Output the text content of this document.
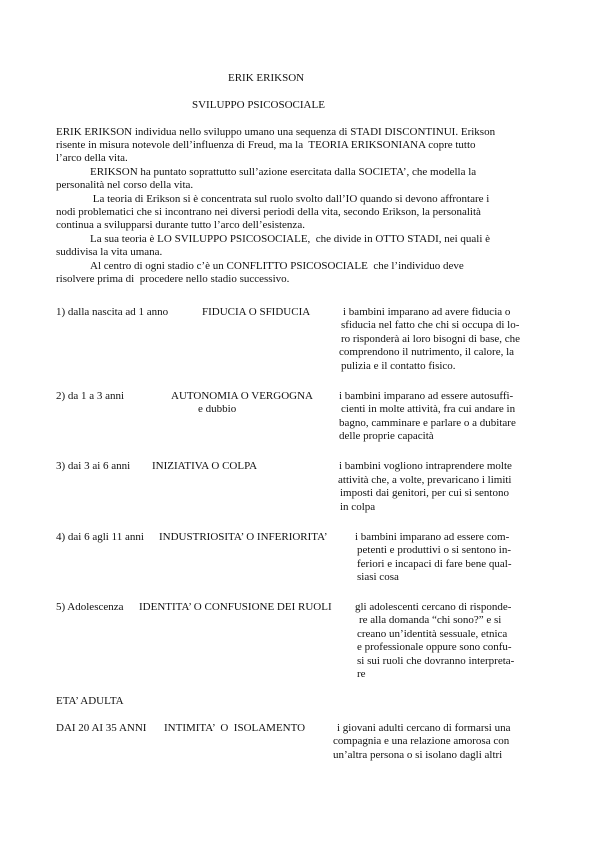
ERIK ERIKSON
SVILUPPO PSICOSOCIALE
ERIK ERIKSON individua nello sviluppo umano una sequenza di STADI DISCONTINUI. Erikson
risente in misura notevole dell’influenza di Freud, ma la  TEORIA ERIKSONIANA copre tutto
l’arco della vita.
ERIKSON ha puntato soprattutto sull’azione esercitata dalla SOCIETA’, che modella la
personalità nel corso della vita.
La teoria di Erikson si è concentrata sul ruolo svolto dall’IO quando si devono affrontare i
nodi problematici che si incontrano nei diversi periodi della vita, secondo Erikson, la personalità
continua a svilupparsi durante tutto l’arco dell’esistenza.
La sua teoria è LO SVILUPPO PSICOSOCIALE,  che divide in OTTO STADI, nei quali è
suddivisa la vita umana.
Al centro di ogni stadio c’è un CONFLITTO PSICOSOCIALE  che l’individuo deve
risolvere prima di  procedere nello stadio successivo.
1) dalla nascita ad 1 anno	FIDUCIA O SFIDUCIA	i bambini imparano ad avere fiducia o
sfiducia nel fatto che chi si occupa di lo-
ro risponderà ai loro bisogni di base, che
comprendono il nutrimento, il calore, la
pulizia e il contatto fisico.
2) da 1 a 3 anni	AUTONOMIA O VERGOGNA
e dubbio
i bambini imparano ad essere autosuffi-
cienti in molte attività, fra cui andare in
bagno, camminare e parlare o a dubitare
delle proprie capacità
3) dai 3 ai 6 anni INIZIATIVA O COLPA	i bambini vogliono intraprendere molte
attività che, a volte, prevaricano i limiti
imposti dai genitori, per cui si sentono
in colpa
4) dai 6 agli 11 anni INDUSTRIOSITA’ O INFERIORITA’ i bambini imparano ad essere com-
petenti e produttivi o si sentono in-
feriori e incapaci di fare bene qual-
siasi cosa
5) Adolescenza IDENTITA’ O CONFUSIONE DEI RUOLI gli adolescenti cercano di risponde-
re alla domanda “chi sono?” e si
creano un’identità sessuale, etnica
e professionale oppure sono confu-
si sui ruoli che dovranno interpreta-
re
ETA’ ADULTA
DAI 20 AI 35 ANNI INTIMITA’  O  ISOLAMENTO	i giovani adulti cercano di formarsi una
compagnia e una relazione amorosa con
un’altra persona o si isolano dagli altri
